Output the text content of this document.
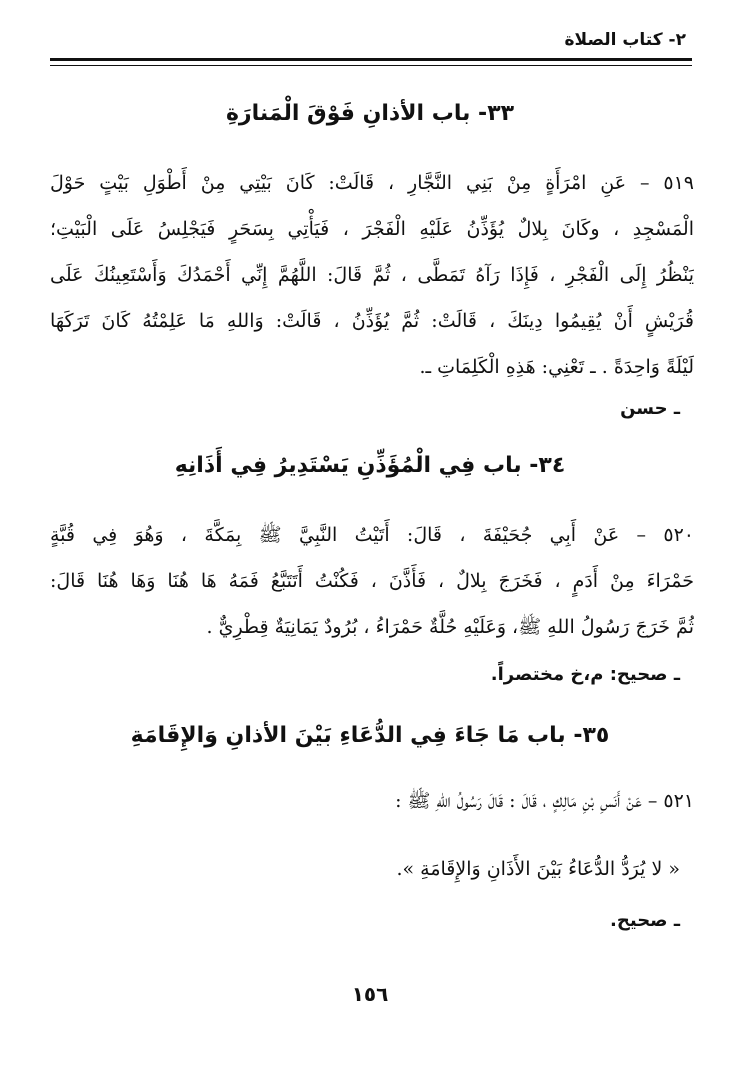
٢- كتاب الصلاة
٣٣- باب الأذانِ فَوْقَ الْمَنارَةِ
٥١٩ – عَنِ امْرَأَةٍ مِنْ بَنِي النَّجَّارِ ، قَالَتْ: كَانَ بَيْتِي مِنْ أَطْوَلِ بَيْتٍ حَوْلَ
الْمَسْجِدِ ، وكَانَ بِلالٌ يُؤَذِّنُ عَلَيْهِ الْفَجْرَ ، فَيَأْتِي بِسَحَرٍ فَيَجْلِسُ عَلَى الْبَيْتِ؛
يَنْظُرُ إِلَى الْفَجْرِ ، فَإِذَا رَآهُ تَمَطَّى ، ثُمَّ قَالَ: اللَّهُمَّ إِنِّي أَحْمَدُكَ وَأَسْتَعِينُكَ عَلَى
قُرَيْشٍ أَنْ يُقِيمُوا دِينَكَ ، قَالَتْ: ثُمَّ يُؤَذِّنُ ، قَالَتْ: وَاللهِ مَا عَلِمْتُهُ كَانَ تَرَكَهَا
لَيْلَةً وَاحِدَةً . ـ تَعْنِي: هَذِهِ الْكَلِمَاتِ ـ.
ـ حسن
٣٤- باب فِي الْمُؤَذِّنِ يَسْتَدِيرُ فِي أَذَانِهِ
٥٢٠ – عَنْ أَبِي جُحَيْفَةَ ، قَالَ: أَتَيْتُ النَّبِيَّ ﷺ بِمَكَّةَ ، وَهُوَ فِي قُبَّةٍ
حَمْرَاءَ مِنْ أَدَمٍ ، فَخَرَجَ بِلالٌ ، فَأَذَّنَ ، فَكُنْتُ أَتَتَبَّعُ فَمَهُ هَا هُنَا وَهَا هُنَا قَالَ:
ثُمَّ خَرَجَ رَسُولُ اللهِ ﷺ، وَعَلَيْهِ حُلَّةٌ حَمْرَاءُ ، بُرُودٌ يَمَانِيَةٌ قِطْرِيٌّ .
ـ صحيح: م،خ مختصراً.
٣٥- باب مَا جَاءَ فِي الدُّعَاءِ بَيْنَ الأذانِ وَالإِقَامَةِ
٥٢١ – عَنْ أَنَسِ بْنِ مَالِكٍ ، قَالَ : قَالَ رَسُولُ اللهِ ﷺ :
« لا يُرَدُّ الدُّعَاءُ بَيْنَ الأَذَانِ وَالإِقَامَةِ ».
ـ صحيح.
١٥٦
